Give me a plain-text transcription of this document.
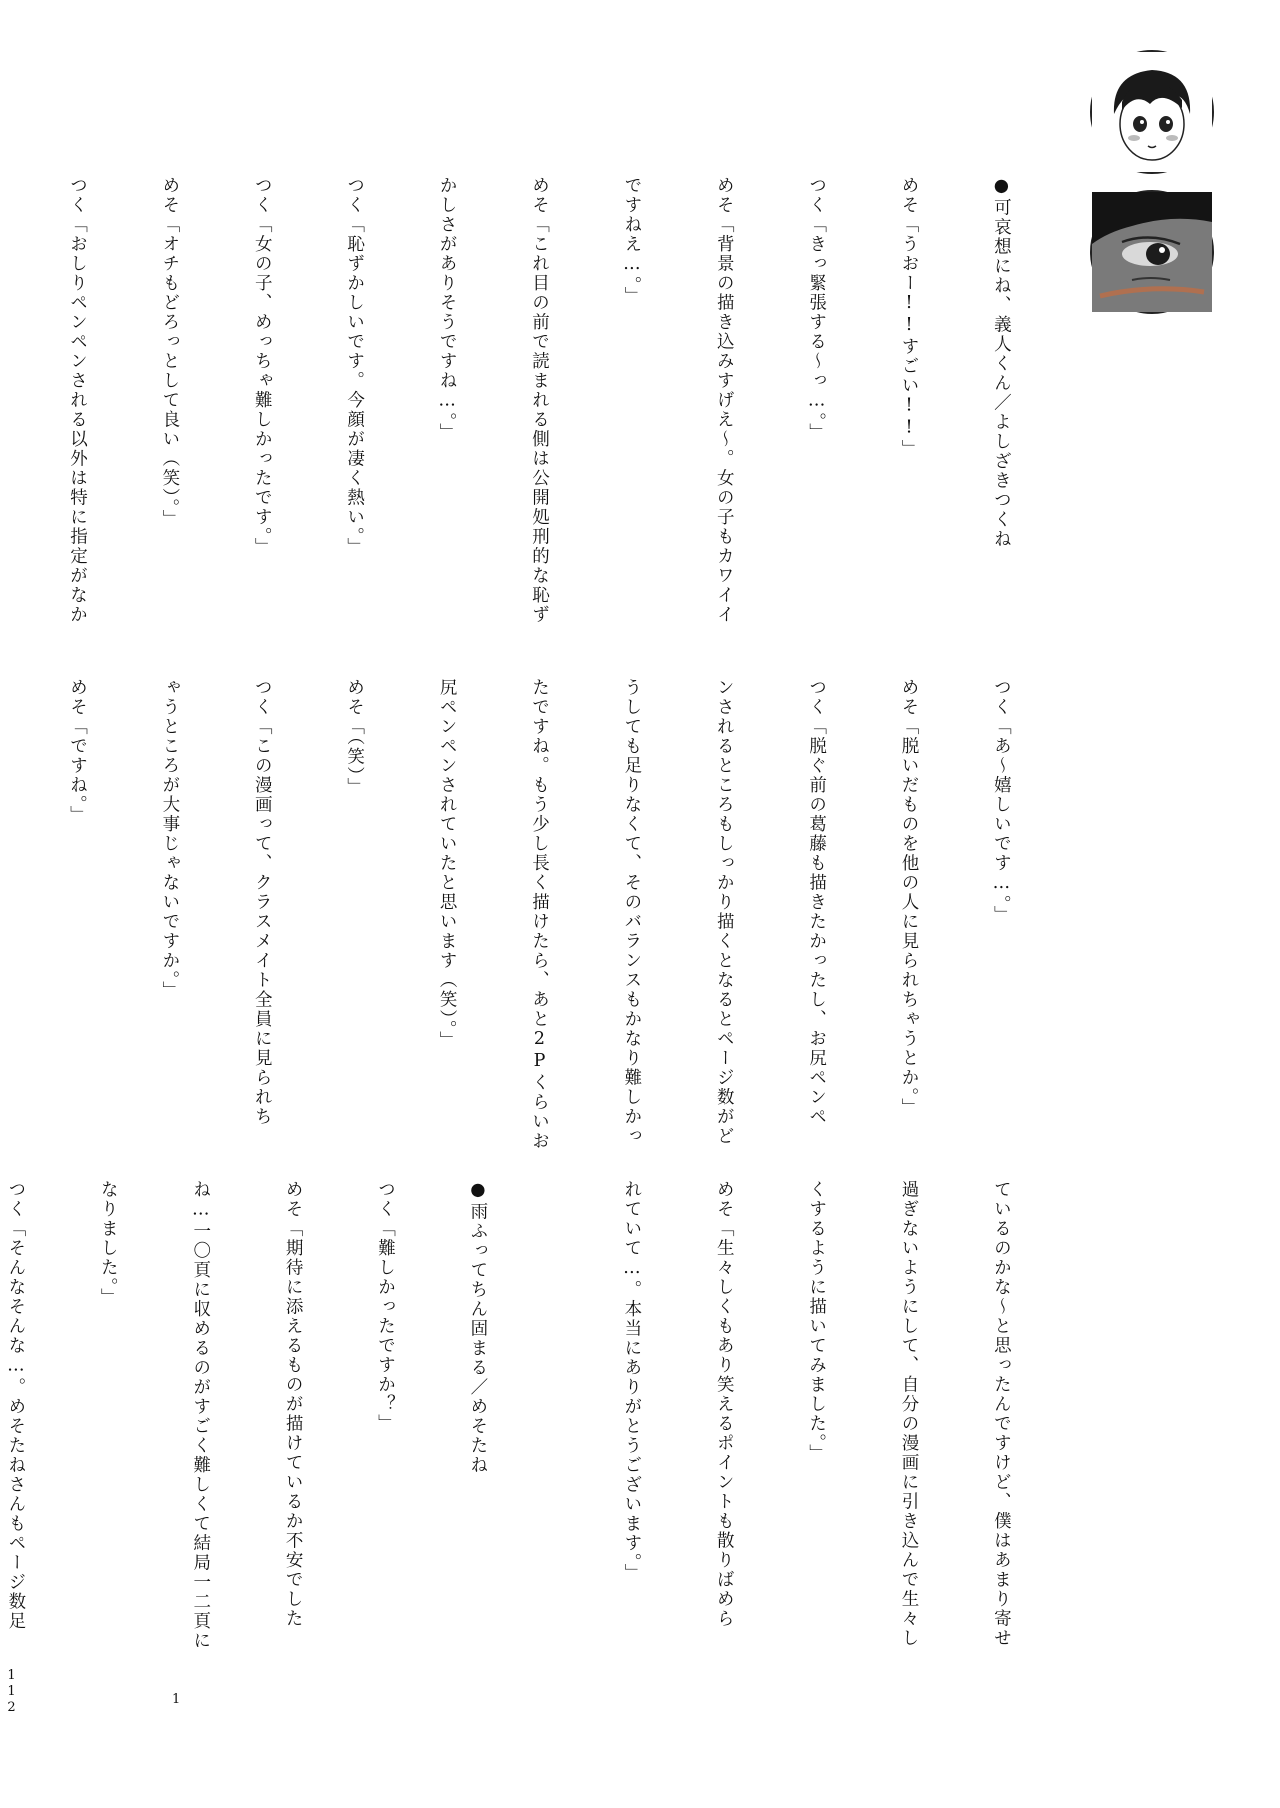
●可哀想にね、義人くん／よしざきつくね

めそ「うおー!!すごい!!」

つく「きっ緊張する〜っ…。」

めそ「背景の描き込みすげえ〜。女の子もカワイイ

ですねえ…。」

めそ「これ目の前で読まれる側は公開処刑的な恥ず

かしさがありそうですね…。」

つく「恥ずかしいです。今顔が凄く熱い。」

つく「女の子、めっちゃ難しかったです。」

めそ「オチもどろっとして良い（笑）。」

つく「おしりペンペンされる以外は特に指定がなか

つく「あ〜嬉しいです…。」

めそ「脱いだものを他の人に見られちゃうとか。」

つく「脱ぐ前の葛藤も描きたかったし、お尻ペンペ

ンされるところもしっかり描くとなるとページ数がど

うしても足りなくて、そのバランスもかなり難しかっ

たですね。もう少し長く描けたら、あと2Pくらいお

尻ペンペンされていたと思います（笑）。」

めそ「（笑）」

つく「この漫画って、クラスメイト全員に見られち

ゃうところが大事じゃないですか。」

めそ「ですね。」

ているのかな〜と思ったんですけど、僕はあまり寄せ

過ぎないようにして、自分の漫画に引き込んで生々し

くするように描いてみました。」

めそ「生々しくもあり笑えるポイントも散りばめら

れていて…。本当にありがとうございます。」

●雨ふってちん固まる／めそたね

つく「難しかったですか？」

めそ「期待に添えるものが描けているか不安でした

ね…一〇頁に収めるのがすごく難しくて結局一二頁に

なりました。」

つく「そんなそんな…。めそたねさんもページ数足

112	1
